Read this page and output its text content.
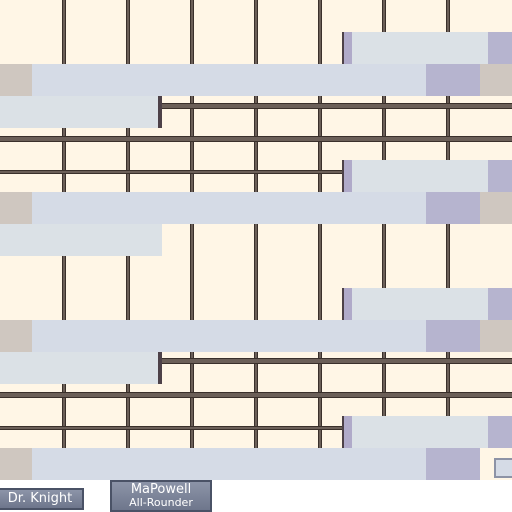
Dr. Knight
MaPowell
All-Rounder
